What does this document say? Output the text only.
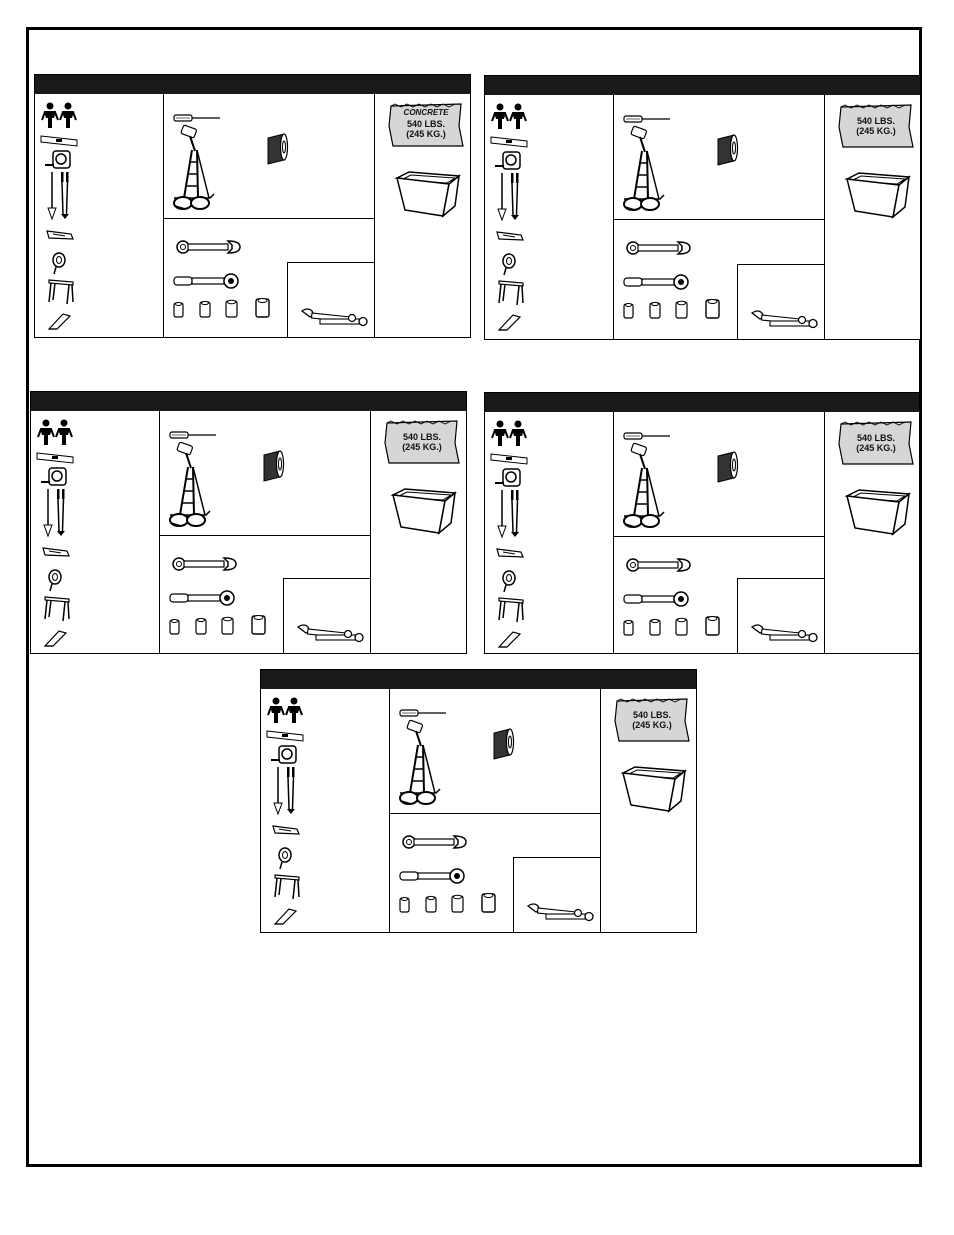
CONCRETE
540 LBS.
(245 KG.)
540 LBS.
(245 KG.)
540 LBS.
(245 KG.)
540 LBS.
(245 KG.)
540 LBS.
(245 KG.)
